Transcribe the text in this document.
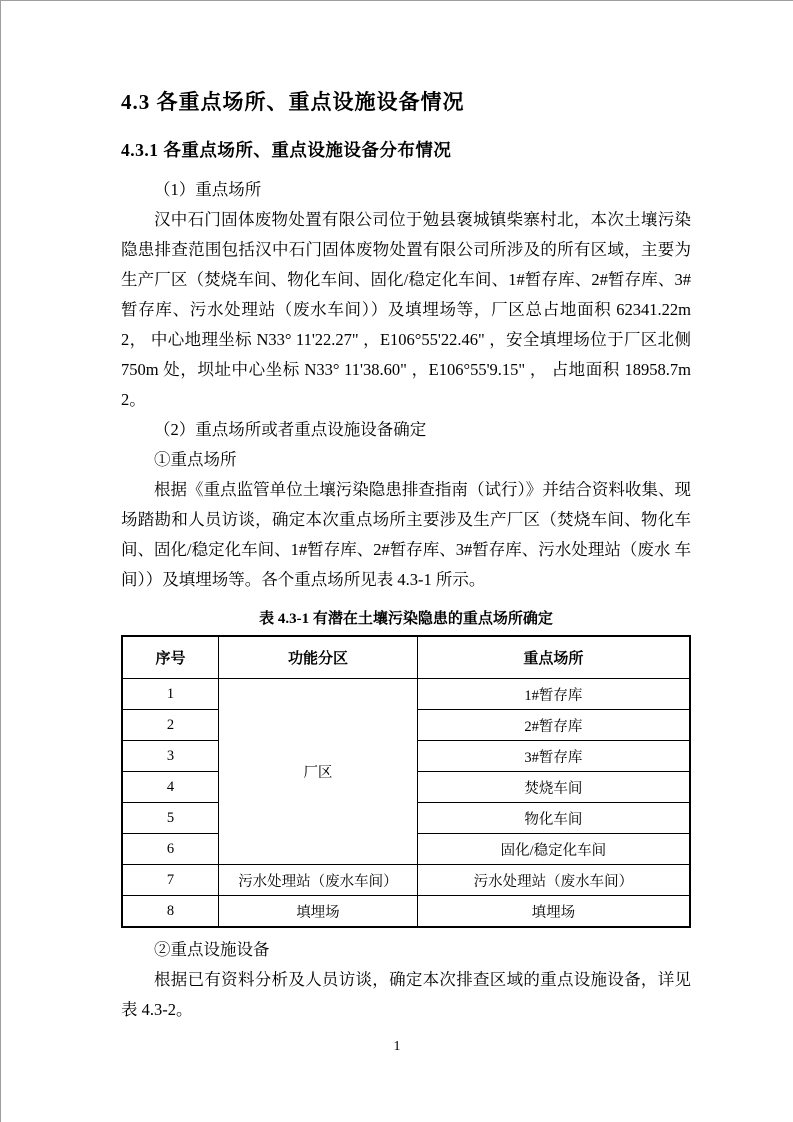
4.3 各重点场所、重点设施设备情况
4.3.1 各重点场所、重点设施设备分布情况

（1）重点场所

汉中石门固体废物处置有限公司位于勉县褒城镇柴寨村北，本次土壤污染隐患排查范围包括汉中石门固体废物处置有限公司所涉及的所有区域，主要为生产厂区（焚烧车间、物化车间、固化/稳定化车间、1#暂存库、2#暂存库、3# 暂存库、污水处理站（废水车间））及填埋场等，厂区总占地面积 62341.22m2， 中心地理坐标 N33° 11'22.27" ，E106°55'22.46" ，安全填埋场位于厂区北侧 750m 处，坝址中心坐标 N33° 11'38.60" ，E106°55'9.15" ， 占地面积 18958.7m2。

（2）重点场所或者重点设施设备确定

①重点场所

根据《重点监管单位土壤污染隐患排查指南（试行）》并结合资料收集、现场踏勘和人员访谈，确定本次重点场所主要涉及生产厂区（焚烧车间、物化车间、固化/稳定化车间、1#暂存库、2#暂存库、3#暂存库、污水处理站（废水 车间））及填埋场等。各个重点场所见表 4.3-1 所示。

表 4.3-1 有潜在土壤污染隐患的重点场所确定
序号	功能分区	重点场所
1	厂区	1#暂存库
2		2#暂存库
3		3#暂存库
4		焚烧车间
5		物化车间
6		固化/稳定化车间
7	污水处理站（废水车间）	污水处理站（废水车间）
8	填埋场	填埋场

②重点设施设备

根据已有资料分析及人员访谈，确定本次排查区域的重点设施设备，详见表 4.3-2。

1
